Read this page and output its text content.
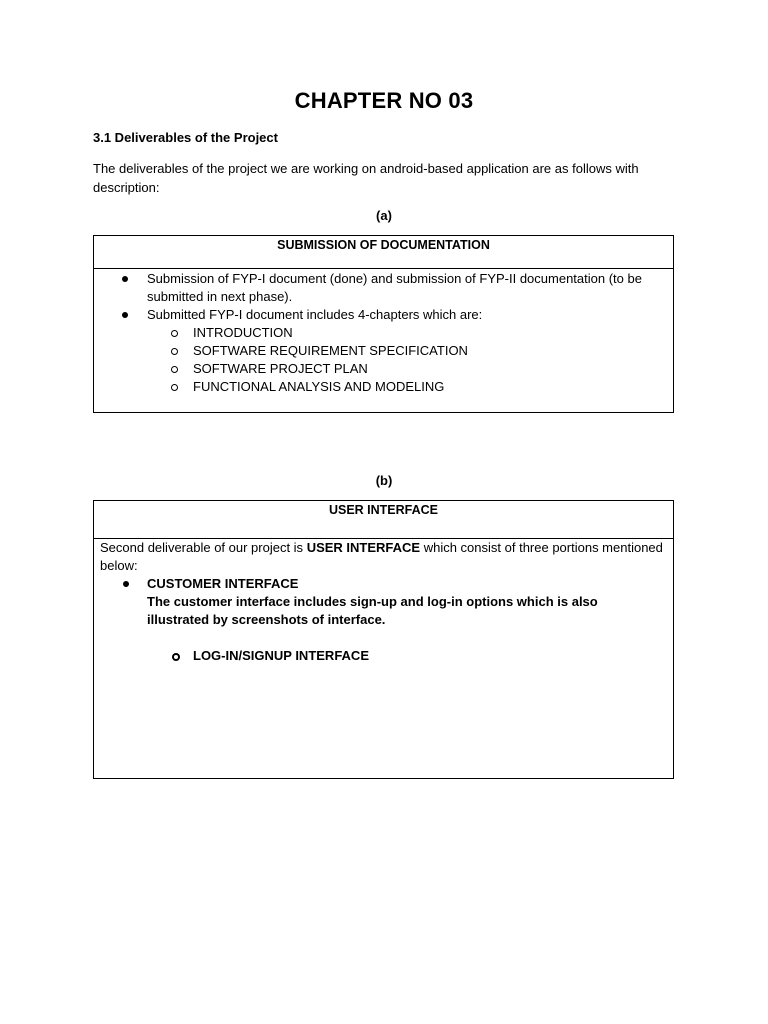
CHAPTER NO 03
3.1 Deliverables of the Project
The deliverables of the project we are working on android-based application are as follows with description:
(a)
SUBMISSION OF DOCUMENTATION
Submission of FYP-I document (done) and submission of FYP-II documentation (to be submitted in next phase).
Submitted FYP-I document includes 4-chapters which are:
INTRODUCTION
SOFTWARE REQUIREMENT SPECIFICATION
SOFTWARE PROJECT PLAN
FUNCTIONAL ANALYSIS AND MODELING
(b)
USER INTERFACE
Second deliverable of our project is USER INTERFACE which consist of three portions mentioned below:
CUSTOMER INTERFACE
The customer interface includes sign-up and log-in options which is also illustrated by screenshots of interface.
LOG-IN/SIGNUP INTERFACE
